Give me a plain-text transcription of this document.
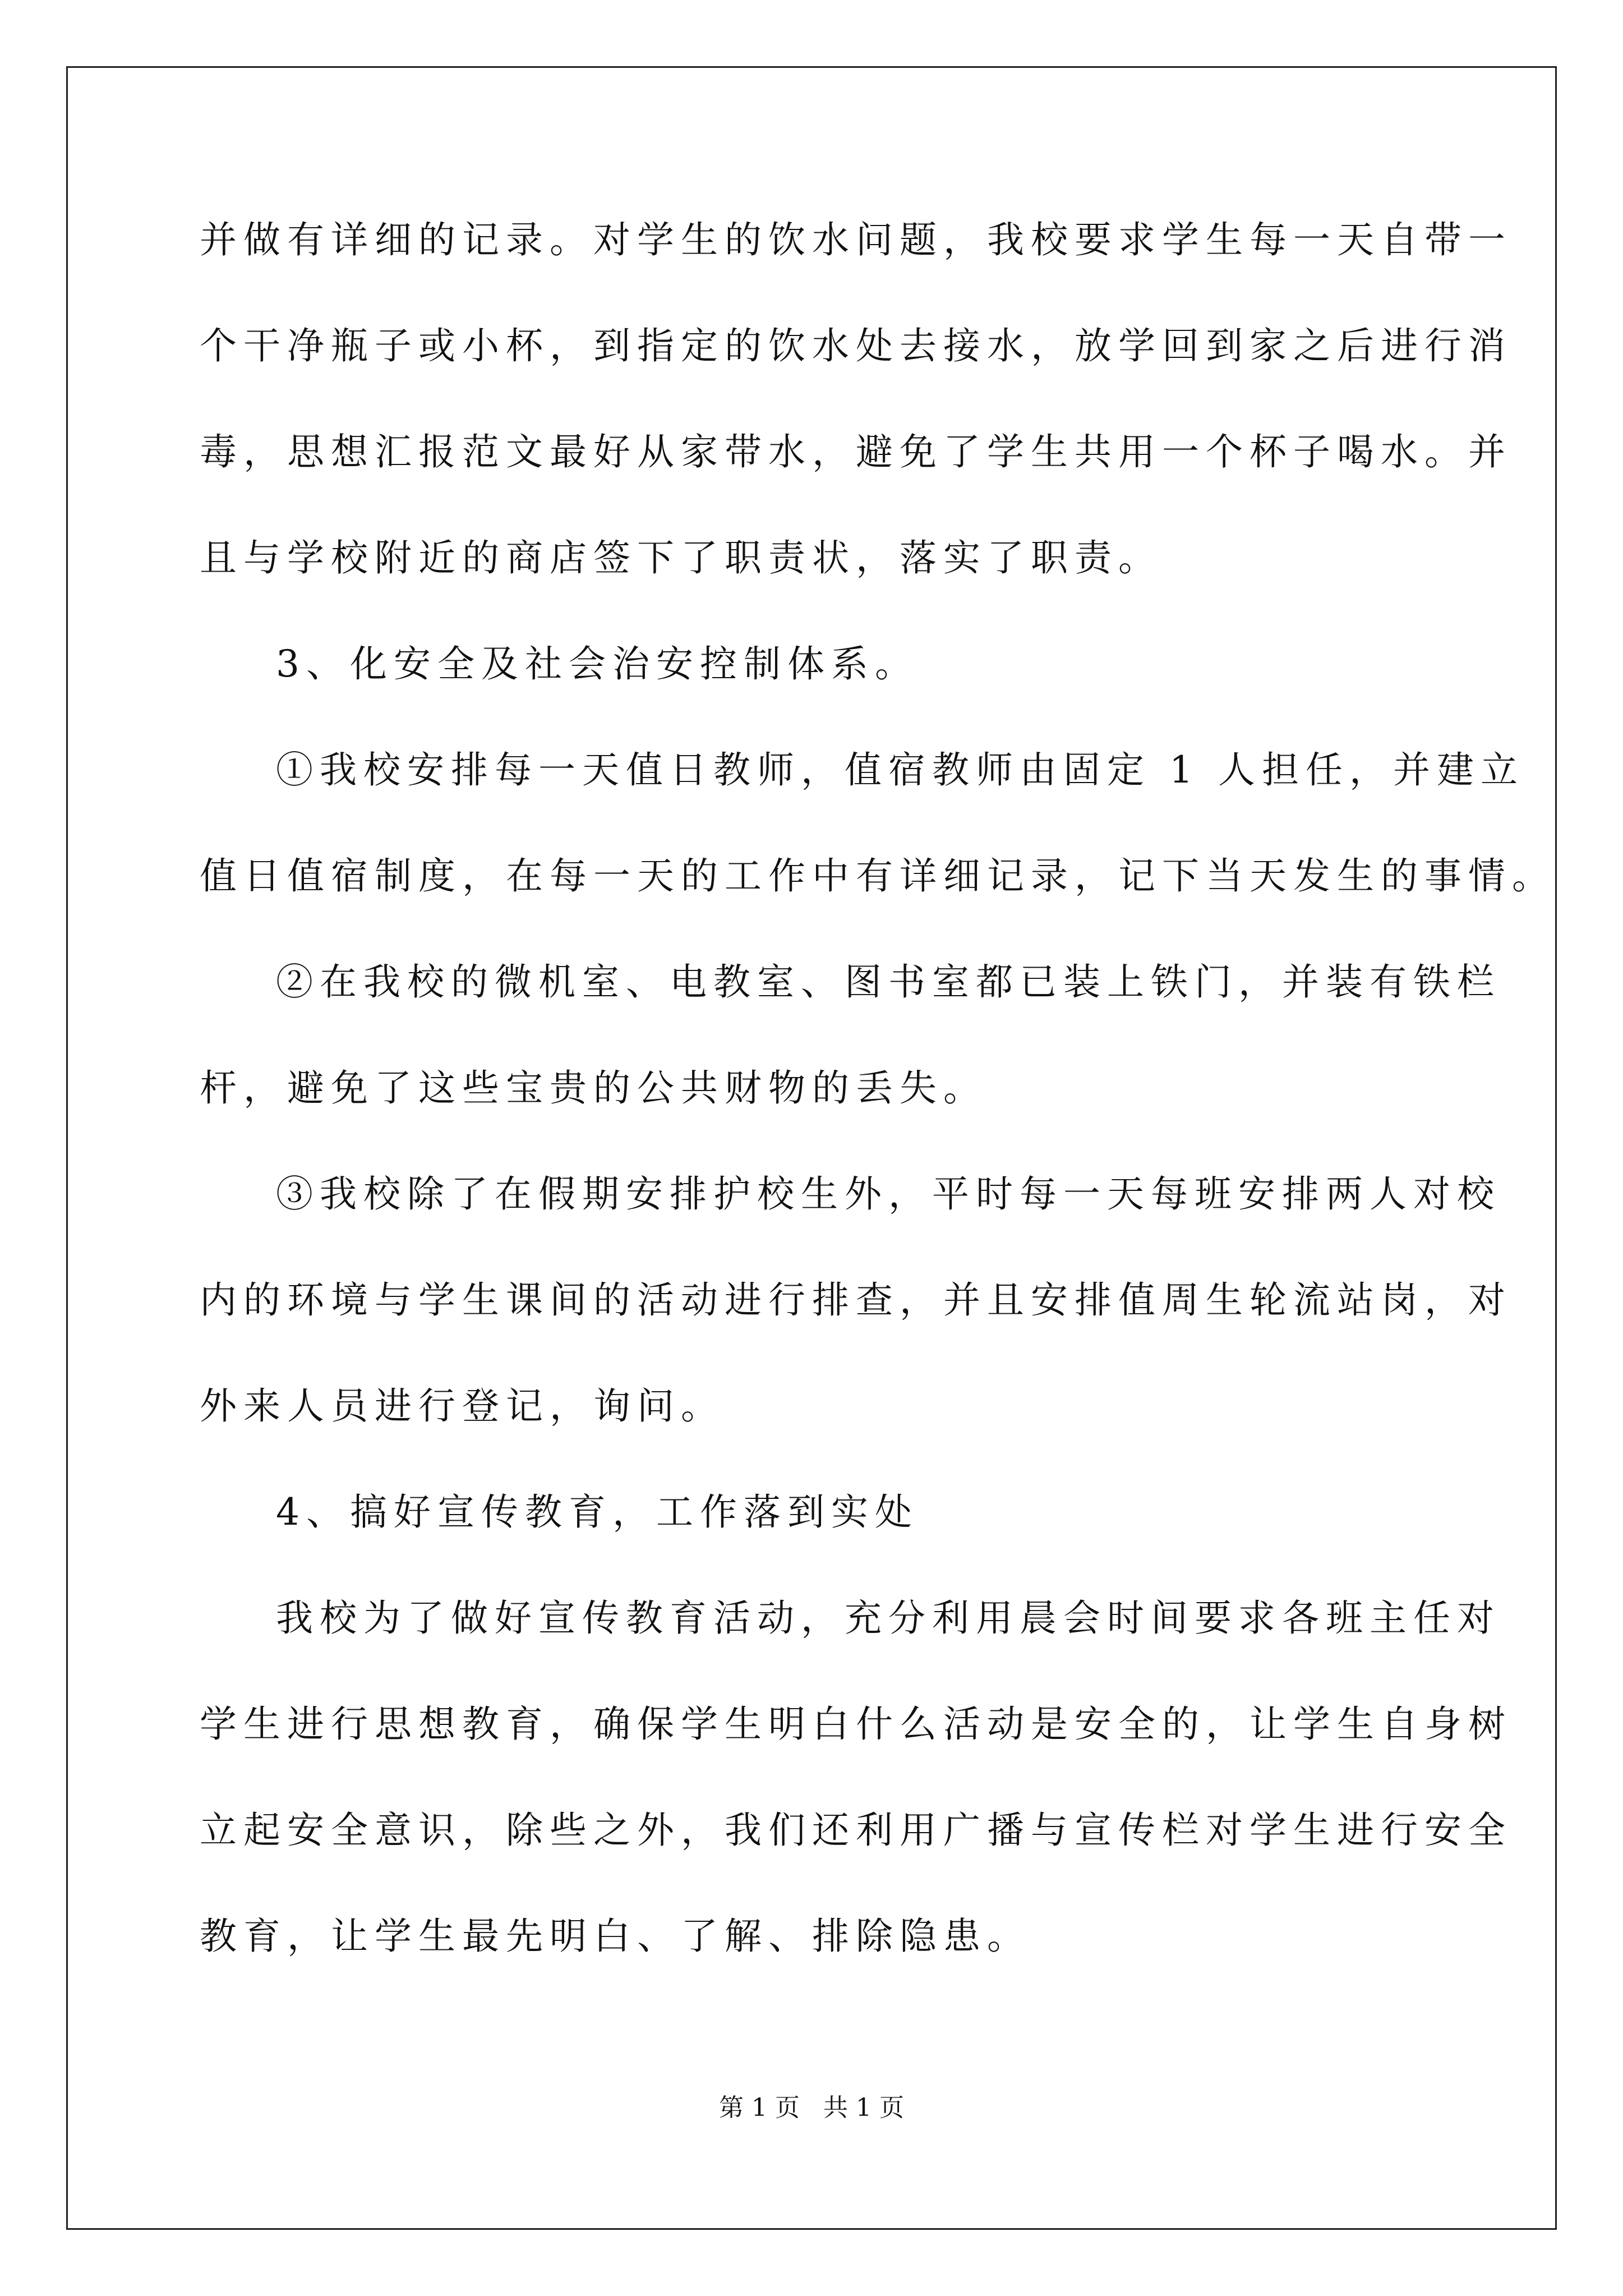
并做有详细的记录。对学生的饮水问题，我校要求学生每一天自带一
个干净瓶子或小杯，到指定的饮水处去接水，放学回到家之后进行消
毒，思想汇报范文最好从家带水，避免了学生共用一个杯子喝水。并
且与学校附近的商店签下了职责状，落实了职责。
3、化安全及社会治安控制体系。
①我校安排每一天值日教师，值宿教师由固定 1 人担任，并建立
值日值宿制度，在每一天的工作中有详细记录，记下当天发生的事情。
②在我校的微机室、电教室、图书室都已装上铁门，并装有铁栏
杆，避免了这些宝贵的公共财物的丢失。
③我校除了在假期安排护校生外，平时每一天每班安排两人对校
内的环境与学生课间的活动进行排查，并且安排值周生轮流站岗，对
外来人员进行登记，询问。
4、搞好宣传教育，工作落到实处
我校为了做好宣传教育活动，充分利用晨会时间要求各班主任对
学生进行思想教育，确保学生明白什么活动是安全的，让学生自身树
立起安全意识，除些之外，我们还利用广播与宣传栏对学生进行安全
教育，让学生最先明白、了解、排除隐患。
第 1 页   共 1 页
